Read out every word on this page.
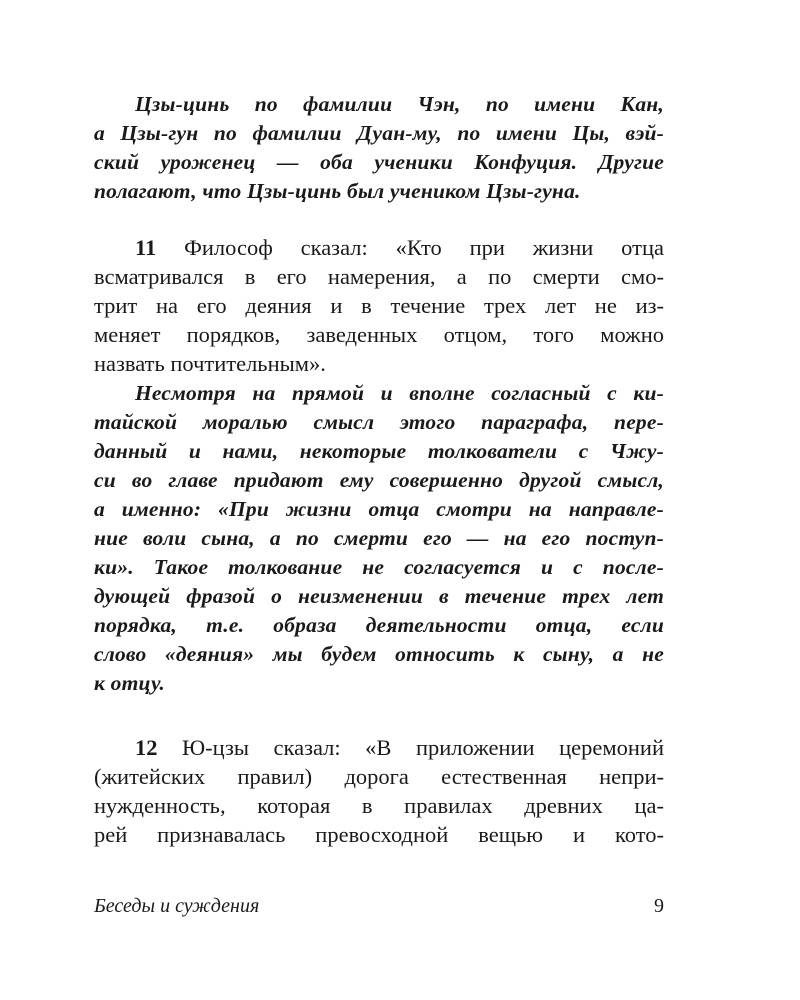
Цзы-цинь по фамилии Чэн, по имени Кан,
а Цзы-гун по фамилии Дуан-му, по имени Цы, вэй-
ский уроженец — оба ученики Конфуция. Другие
полагают, что Цзы-цинь был учеником Цзы-гуна.
11 Философ сказал: «Кто при жизни отца
всматривался в его намерения, а по смерти смо-
трит на его деяния и в течение трех лет не из-
меняет порядков, заведенных отцом, того можно
назвать почтительным».
Несмотря на прямой и вполне согласный с ки-
тайской моралью смысл этого параграфа, пере-
данный и нами, некоторые толкователи с Чжу-
си во главе придают ему совершенно другой смысл,
а именно: «При жизни отца смотри на направле-
ние воли сына, а по смерти его — на его поступ-
ки». Такое толкование не согласуется и с после-
дующей фразой о неизменении в течение трех лет
порядка, т.е. образа деятельности отца, если
слово «деяния» мы будем относить к сыну, а не
к отцу.
12 Ю-цзы сказал: «В приложении церемоний
(житейских правил) дорога естественная непри-
нужденность, которая в правилах древних ца-
рей признавалась превосходной вещью и кото-
Беседы и суждения	9
